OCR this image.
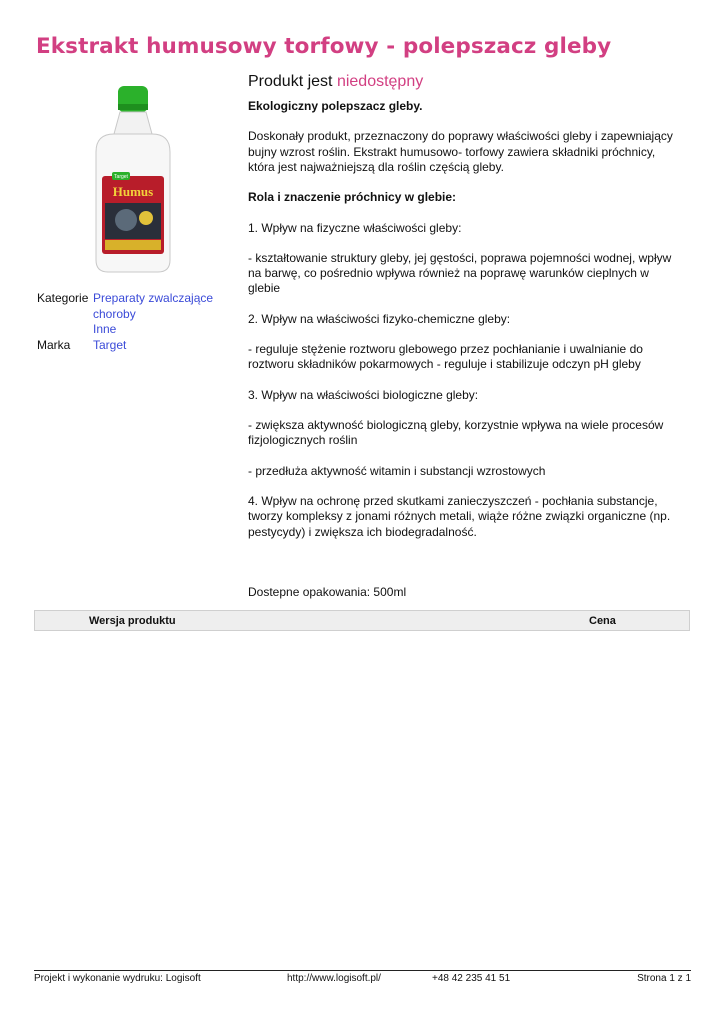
Ekstrakt humusowy torfowy - polepszacz gleby
Target
Humus
Kategorie Preparaty zwalczające
choroby
Inne
Marka	Target
Produkt jest niedostępny

Ekologiczny polepszacz gleby.

Doskonały produkt, przeznaczony do poprawy właściwości gleby i zapewniający
bujny wzrost roślin. Ekstrakt humusowo- torfowy zawiera składniki próchnicy,
która jest najważniejszą dla roślin częścią gleby.

Rola i znaczenie próchnicy w glebie:

1. Wpływ na fizyczne właściwości gleby:

- kształtowanie struktury gleby, jej gęstości, poprawa pojemności wodnej, wpływ
na barwę, co pośrednio wpływa również na poprawę warunków cieplnych w
glebie

2. Wpływ na właściwości fizyko-chemiczne gleby:

- reguluje stężenie roztworu glebowego przez pochłanianie i uwalnianie do
roztworu składników pokarmowych - reguluje i stabilizuje odczyn pH gleby

3. Wpływ na właściwości biologiczne gleby:

- zwiększa aktywność biologiczną gleby, korzystnie wpływa na wiele procesów
fizjologicznych roślin

- przedłuża aktywność witamin i substancji wzrostowych

4. Wpływ na ochronę przed skutkami zanieczyszczeń - pochłania substancje,
tworzy kompleksy z jonami różnych metali, wiąże różne związki organiczne (np.
pestycydy) i zwiększa ich biodegradalność.

Dostepne opakowania: 500ml

Wersja produktu	Cena
Projekt i wykonanie wydruku: Logisoft	http://www.logisoft.pl/	+48 42 235 41 51	Strona 1 z 1
